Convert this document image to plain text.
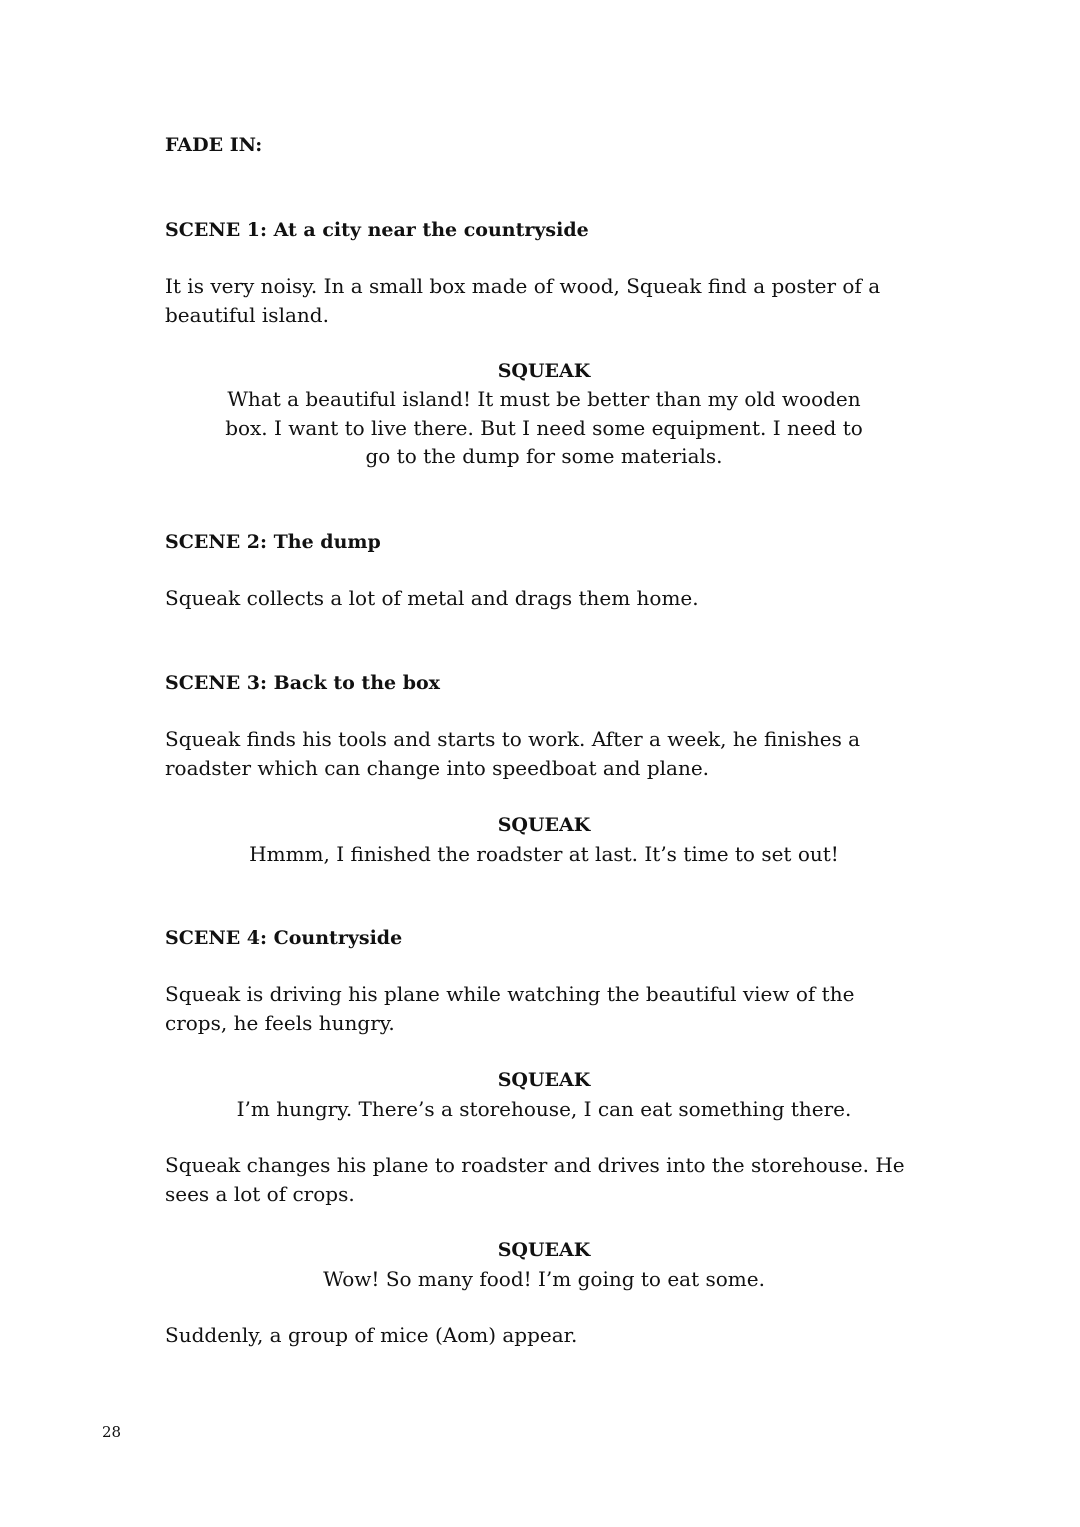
FADE IN:

SCENE 1: At a city near the countryside

It is very noisy. In a small box made of wood, Squeak find a poster of a

beautiful island.

SQUEAK

What a beautiful island! It must be better than my old wooden

box. I want to live there. But I need some equipment. I need to

go to the dump for some materials.

SCENE 2: The dump

Squeak collects a lot of metal and drags them home.

SCENE 3: Back to the box

Squeak finds his tools and starts to work. After a week, he finishes a

roadster which can change into speedboat and plane.

SQUEAK

Hmmm, I finished the roadster at last. It’s time to set out!

SCENE 4: Countryside

Squeak is driving his plane while watching the beautiful view of the

crops, he feels hungry.

SQUEAK

I’m hungry. There’s a storehouse, I can eat something there.

Squeak changes his plane to roadster and drives into the storehouse. He

sees a lot of crops.

SQUEAK

Wow! So many food! I’m going to eat some.

Suddenly, a group of mice (Aom) appear.

28
